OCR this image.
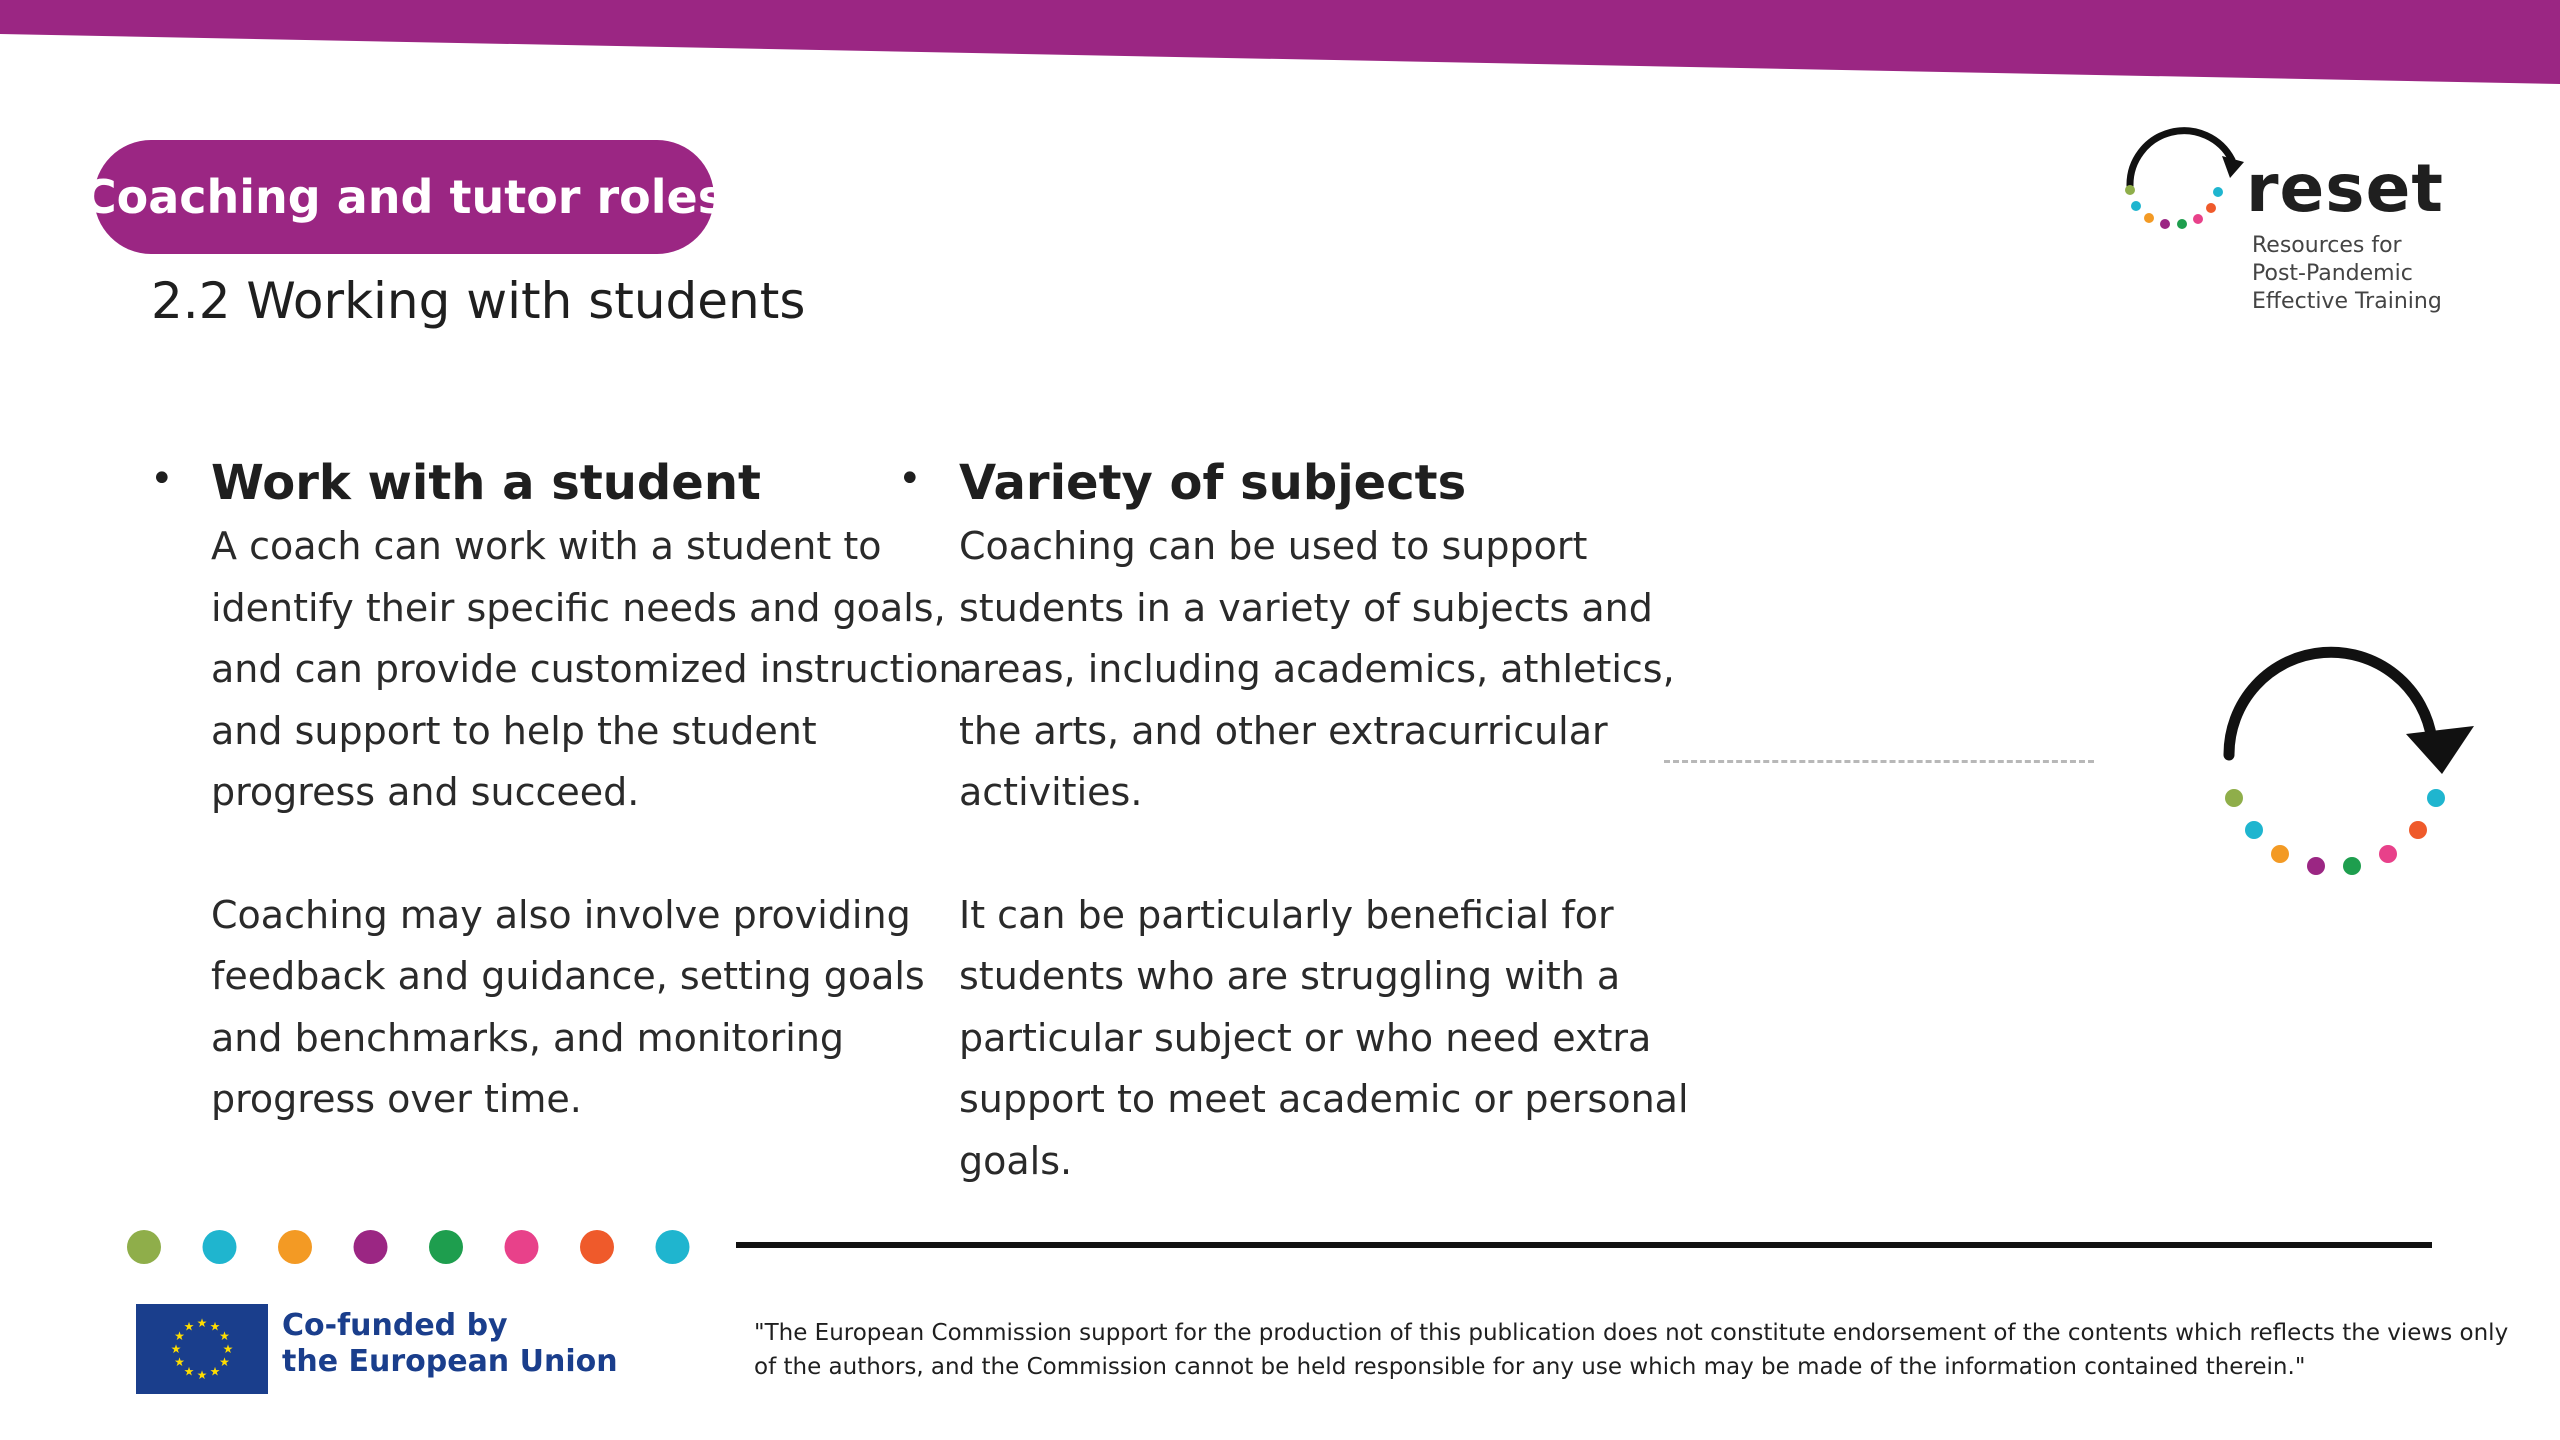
Coaching and tutor roles
2.2 Working with students
reset
Resources for
Post-Pandemic
Effective Training
• Work with a student
A coach can work with a student to
identify their specific needs and goals,
and can provide customized instruction
and support to help the student
progress and succeed.
Coaching may also involve providing
feedback and guidance, setting goals
and benchmarks, and monitoring
progress over time.
• Variety of subjects
Coaching can be used to support
students in a variety of subjects and
areas, including academics, athletics,
the arts, and other extracurricular
activities.
It can be particularly beneficial for
students who are struggling with a
particular subject or who need extra
support to meet academic or personal
goals.
★ ★
★
★
★
★
★
★
★
★
★
★	Co-funded by
the European Union
"The European Commission support for the production of this publication does not constitute endorsement of the contents which reflects the views only
of the authors, and the Commission cannot be held responsible for any use which may be made of the information contained therein."
